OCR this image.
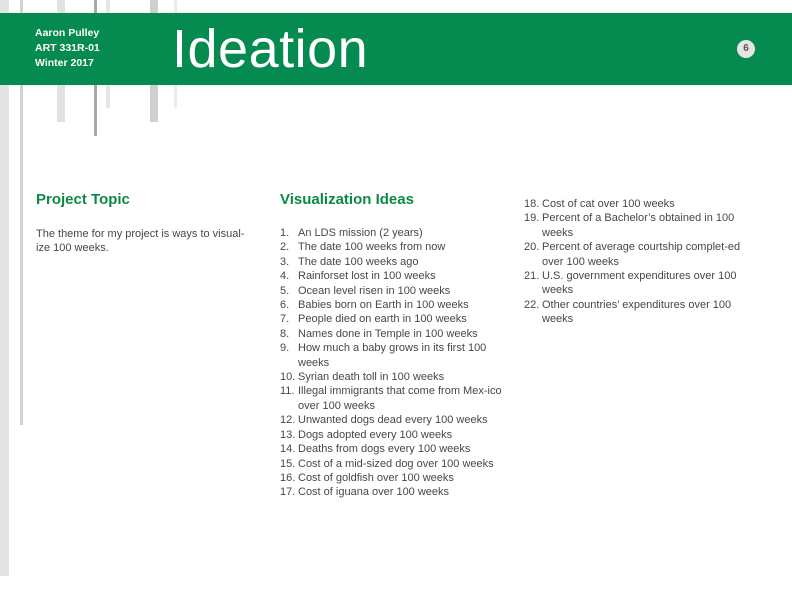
Aaron Pulley
ART 331R-01
Winter 2017 Ideation	6
Project Topic
The theme for my project is ways to visual-
ize 100 weeks.
Visualization Ideas
1. An LDS mission (2 years)
2. The date 100 weeks from now
3. The date 100 weeks ago
4. Rainforset lost in 100 weeks
5. Ocean level risen in 100 weeks
6. Babies born on Earth in 100 weeks
7. People died on earth in 100 weeks
8. Names done in Temple in 100 weeks
9. How much a baby grows in its first 100 weeks
10. Syrian death toll in 100 weeks
11. Illegal immigrants that come from Mex-ico over 100 weeks
12. Unwanted dogs dead every 100 weeks
13. Dogs adopted every 100 weeks
14. Deaths from dogs every 100 weeks
15. Cost of a mid-sized dog over 100 weeks
16. Cost of goldfish over 100 weeks
17. Cost of iguana over 100 weeks
18. Cost of cat over 100 weeks
19. Percent of a Bachelor’s obtained in 100 weeks
20. Percent of average courtship complet-ed over 100 weeks
21. U.S. government expenditures over 100 weeks
22. Other countries’ expenditures over 100 weeks
